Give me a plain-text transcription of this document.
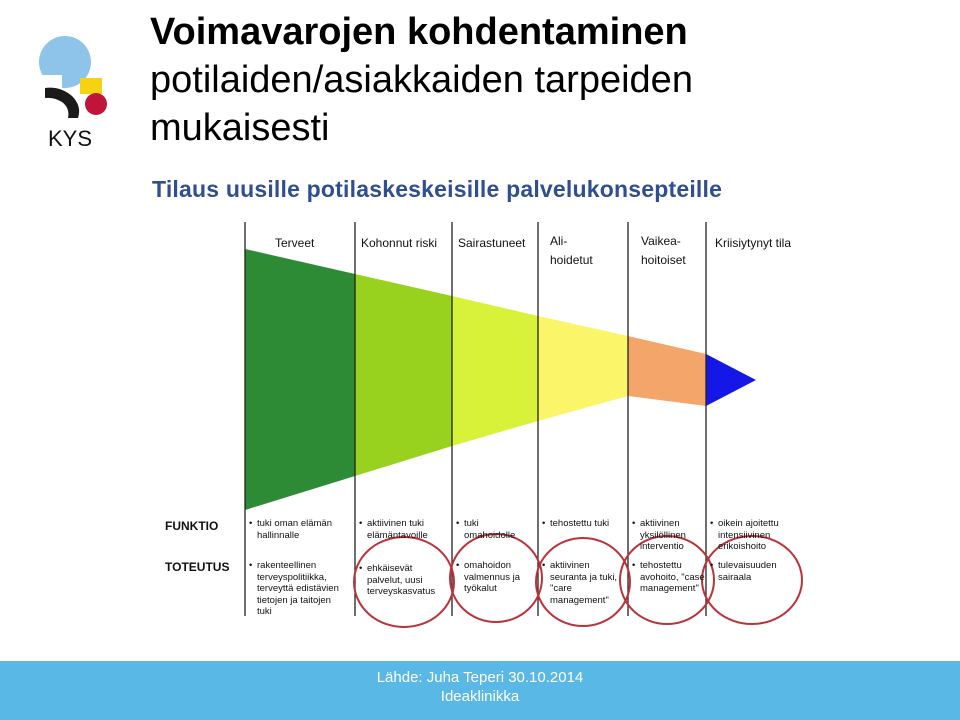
KYS
Voimavarojen kohdentaminen
potilaiden/asiakkaiden tarpeiden
mukaisesti
Tilaus uusille potilaskeskeisille palvelukonsepteille
Terveet	Kohonnut riski Sairastuneet Ali-
hoidetut
Vaikea-
hoitoiset
Kriisiytynyt tila
FUNKTIO
TOTEUTUS
• tuki oman elämän
hallinnalle
• aktiivinen tuki
elämäntavoille
• tuki
omahoidolle
• tehostettu tuki • aktiivinen
yksilöllinen
interventio
• oikein ajoitettu
intensiivinen
erikoishoito
• rakenteellinen
terveyspolitiikka,
terveyttä edistävien
tietojen ja taitojen
tuki
• ehkäisevät
palvelut, uusi
terveyskasvatus
• omahoidon
valmennus ja
työkalut
• aktiivinen
seuranta ja tuki,
"care
management"
• tehostettu
avohoito, "case
management"
• tulevaisuuden
sairaala
Lähde: Juha Teperi 30.10.2014
Ideaklinikka
